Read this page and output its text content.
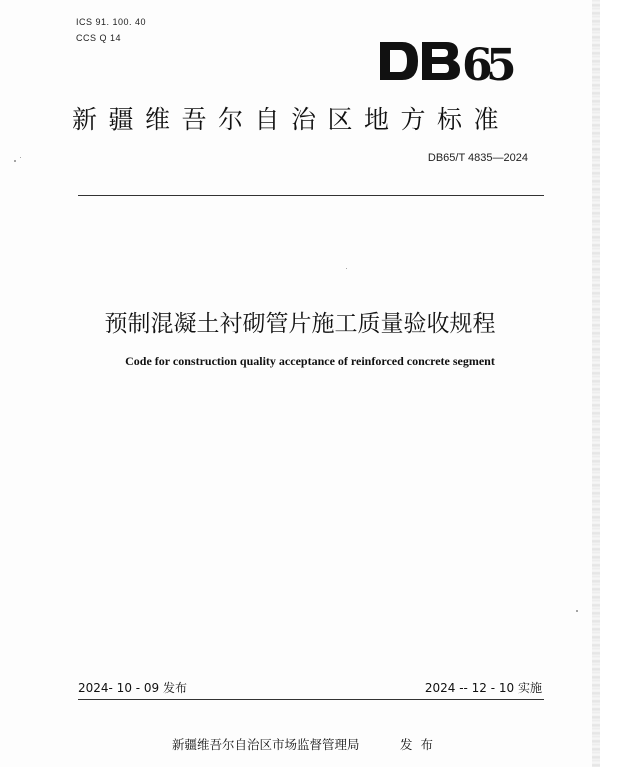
ICS 91. 100. 40
CCS Q 14
6
5
新疆维吾尔自治区地方标准
DB65/T 4835—2024
预制混凝土衬砌管片施工质量验收规程
Code for construction quality acceptance of reinforced concrete segment
2024- 10 - 09 发布	2024 -- 12 - 10 实施
新疆维吾尔自治区市场监督管理局	发布
